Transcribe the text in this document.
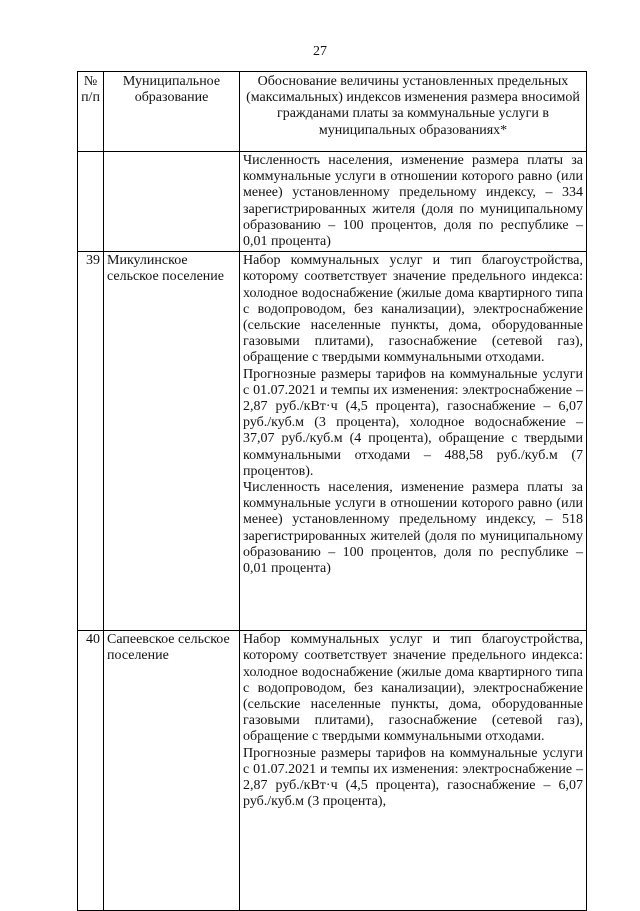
27
№ п/п	Муниципальное образование	Обоснование величины установленных предельных (максимальных) индексов изменения размера вносимой гражданами платы за коммунальные услуги в муниципальных образованиях*

		Численность населения, изменение размера платы за коммунальные услуги в отношении которого равно (или менее) установленному предельному индексу, – 334 зарегистрированных жителя (доля по муниципальному образованию – 100 процентов, доля по республике – 0,01 процента)

39	Микулинское сельское поселение	Набор коммунальных услуг и тип благоустройства, которому соответствует значение предельного индекса: холодное водоснабжение (жилые дома квартирного типа с водопроводом, без канализации), электроснабжение (сельские населенные пункты, дома, оборудованные газовыми плитами), газоснабжение (сетевой газ), обращение с твердыми коммунальными отходами.

Прогнозные размеры тарифов на коммунальные услуги с 01.07.2021 и темпы их изменения: электроснабжение – 2,87 руб./кВт·ч (4,5 процента), газоснабжение – 6,07 руб./куб.м (3 процента), холодное водоснабжение – 37,07 руб./куб.м (4 процента), обращение с твердыми коммунальными отходами – 488,58 руб./куб.м (7 процентов).

Численность населения, изменение размера платы за коммунальные услуги в отношении которого равно (или менее) установленному предельному индексу, – 518 зарегистрированных жителей (доля по муниципальному образованию – 100 процентов, доля по республике – 0,01 процента)

40	Сапеевское сельское поселение	Набор коммунальных услуг и тип благоустройства, которому соответствует значение предельного индекса: холодное водоснабжение (жилые дома квартирного типа с водопроводом, без канализации), электроснабжение (сельские населенные пункты, дома, оборудованные газовыми плитами), газоснабжение (сетевой газ), обращение с твердыми коммунальными отходами.

Прогнозные размеры тарифов на коммунальные услуги с 01.07.2021 и темпы их изменения: электроснабжение – 2,87 руб./кВт·ч (4,5 процента), газоснабжение – 6,07 руб./куб.м (3 процента),
